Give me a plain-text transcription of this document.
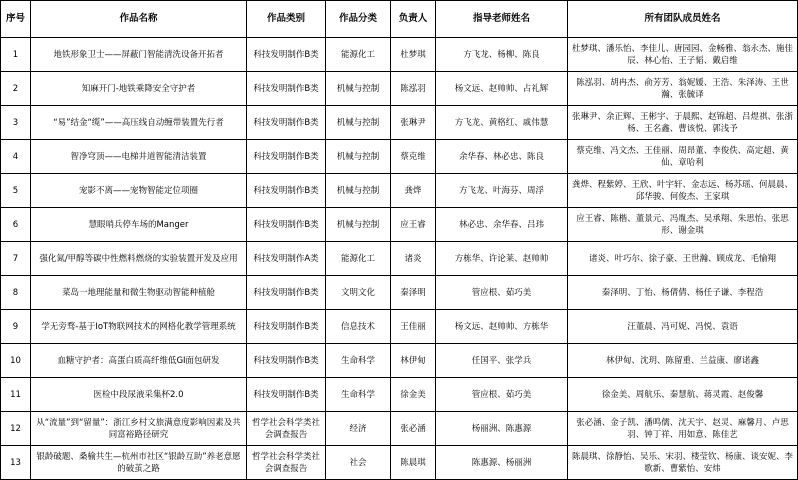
序号	作品名称	作品类别	作品分类	负责人	指导老师姓名	所有团队成员姓名
1	地铁形象卫士——屏蔽门智能清洗设备开拓者	科技发明制作B类	能源化工	杜梦琪	方飞龙、杨柳、陈良	杜梦琪、潘乐怡、李佳儿、唐园园、金畅雅、翁永杰、施佳辰、林心怡、王子韬、戴启维
2	知麻开门-地铁乘降安全守护者	科技发明制作B类	机械与控制	陈泓羽	杨文远、赵帅帅、占礼辉	陈泓羽、胡冉杰、俞芳芳、翁妮媛、王浩、朱泽涛、王世瀚、张毓译
3	“易”结金“缆”——高压线自动缠带装置先行者	科技发明制作B类	机械与控制	张琳尹	方飞龙、黄格红、戚伟慧	张琳尹、余正辉、王彬宇、于晨熙、赵锦超、吕煜祺、张浙杨、王名鑫、曹该悦、郭浅予
4	智净穹顶——电梯井道智能清洁装置	科技发明制作B类	机械与控制	蔡克维	余华春、林必忠、陈良	蔡克维、冯文杰、王佳丽、周昂董、李俊佚、高定超、黄仙、章哈利
5	宠影不离——宠物智能定位项圈	科技发明制作B类	机械与控制	龚烨	方飞龙、叶海芬、周浮	龚烨、程紫婷、王欣、叶宇轩、金志远、杨苏瑶、何晨晨、邱华骏、何俊杰、王家琪
6	慧眼哨兵停车场的Manger	科技发明制作B类	机械与控制	应王睿	林必忠、余华春、吕玮	应王睿、陈楷、董景元、冯胤杰、吴承翔、朱思怡、张思形、谢金琪
7	强化氮/甲醇等碳中性燃料燃烧的实验装置开发及应用	科技发明制作A类	能源化工	诸炎	方栋华、许论莱、赵帅帅	诸炎、叶巧尔、徐子豪、王世瀚、顾成龙、毛愉翔
8	菜岛一地理能量和微生物驱动智能种植舱	科技发明制作B类	文明文化	秦泽明	管应根、茹巧美	秦泽明、丁怡、杨倩倩、杨任子谦、李程浩
9	学无旁骛-基于IoT物联网技术的网格化教学管理系统	科技发明制作B类	信息技术	王佳丽	杨文远、赵帅帅、方栋华	汪董晨、冯可妮、冯悦、袁语
10	血糖守护者：高蛋白质高纤维低GI面包研发	科技发明制作B类	生命科学	林伊甸	任国平、张学兵	林伊甸、沈玥、陈留重、兰益康、廖诺鑫
11	医检中段尿液采集杯2.0	科技发明制作B类	生命科学	徐金美	管应根、茹巧美	徐金美、周航乐、秦慧航、蒋灵霞、赵俊馨
12	从“流量”到“留量”：浙江乡村文旅满意度影响因素及共同富裕路径研究	哲学社会科学类社会调查报告	经济	张必涵	杨丽洲、陈惠源	张必涵、金子凯、潘鸣儒、沈天宇、赵灵、麻馨月、卢思羽、钟丁祥、用如意、陈佳艺
13	银龄破题、桑榆共生—杭州市社区“银龄互助”养老意愿的破茧之路	哲学社会科学类社会调查报告	社会	陈晨琪	陈惠源、杨丽洲	陈晨琪、徐静怡、吴乐、宋羽、楼莹钦、杨康、谈安妮、李歌新、曹紫怡、安炜
